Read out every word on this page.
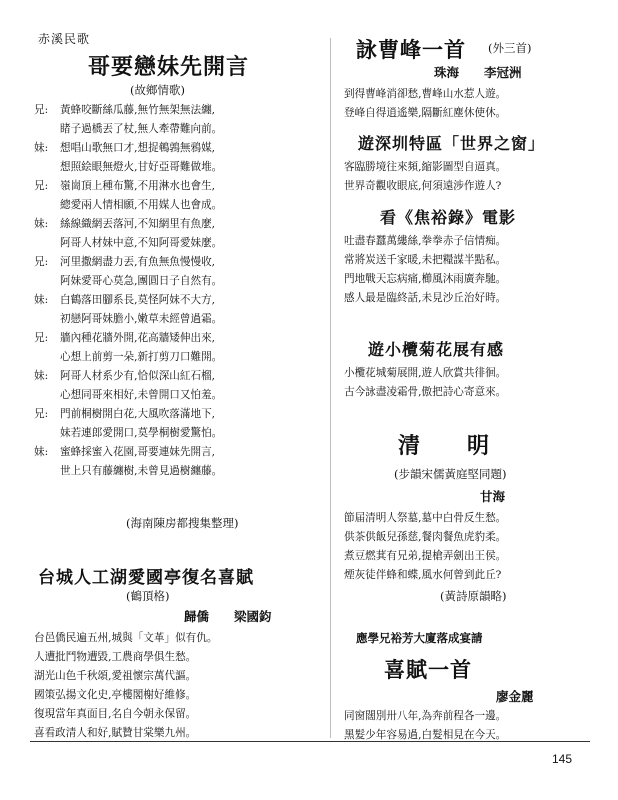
赤溪民歌
哥要戀妹先開言
(故鄉情歌)
兄: 黃蜂咬斷絲瓜藤,無竹無架無法纏,
睹子過橋丟了杖,無人牽帶難向前。
妹: 想唱山歌無口才,想捉鵪鶉無鴉媒,
想照絵眼無燈火,甘好亞哥難做堆。
兄: 嶺崗頂上種布驚,不用淋水也會生,
總愛兩人情相願,不用媒人也會成。
妹: 絲線織網丟落河,不知網里有魚麼,
阿哥人材妹中意,不知阿哥愛妹麼。
兄: 河里撒網盡力丟,有魚無魚慢慢收,
阿妹愛哥心莫急,團圓日子自然有。
妹: 白鶴落田腳系長,莫怪阿妹不大方,
初戀阿哥妹膽小,嫩草未經曾過霜。
兄: 牆內種花牆外開,花高牆矮伸出來,
心想上前剪一朵,新打剪刀口難開。
妹: 阿哥人材系少有,恰似深山紅石榴,
心想同哥來相好,未曾開口又怕羞。
兄: 門前桐樹開白花,大風吹落滿地下,
妹若連郎愛開口,莫學桐樹愛驚怕。
妹: 蜜蜂採蜜入花園,哥要連妹先開言,
世上只有藤纏樹,未曾見過樹纏藤。
(海南陳房都搜集整理)
台城人工湖愛國亭復名喜賦
(鶴頂格)
歸僑　　梁國鈞
台邑僑民遍五州,城與「文革」似有仇。
人遭批鬥物遭毀,工農商學俱生愁。
湖光山色千秋頌,愛祖懷宗萬代謳。
國策弘揚文化史,亭樓閣榭好維修。
復現當年真面目,名自今朝永保留。
喜看政清人和好,賦贊甘棠樂九州。
詠曹峰一首 (外三首)
珠海　　李冠洲
到得曹峰消卻愁,曹峰山水惹人遊。
登峰自得逍遙樂,隔斷紅塵休使休。
遊深圳特區「世界之窗」
客臨勝境往來頻,縮影圖型自逼真。
世界奇觀收眼底,何須遠涉作遊人?
看《焦裕錄》電影
吐盡春蠶萬縷絲,拳拳赤子信情痴。
常將炭送千家暖,未把糧謀半點私。
門地戰天忘病痛,櫛風沐雨廣奔馳。
感人最是臨終話,未見沙丘治好時。
遊小欖菊花展有感
小欖花城菊展開,遊人欣賞共徘徊。
古今詠盡凌霜骨,傲把詩心寄意來。
清　　明
(步韻宋儒黃庭堅同題)
甘海
節届清明人祭墓,墓中白骨反生愁。
供茶供飯兒孫慈,餐肉餐魚虎豹柔。
煮豆燃萁有兄弟,提槍弄劍出王侯。
煙灰徒伴蜂和蝶,風水何曾到此丘?
(黃詩原韻略)
應學兄裕芳大廈落成宴請
喜賦一首
廖金麗
同窗闊別卅八年,為奔前程各一邊。
黑髮少年容易過,白髮相見在今天。
145
